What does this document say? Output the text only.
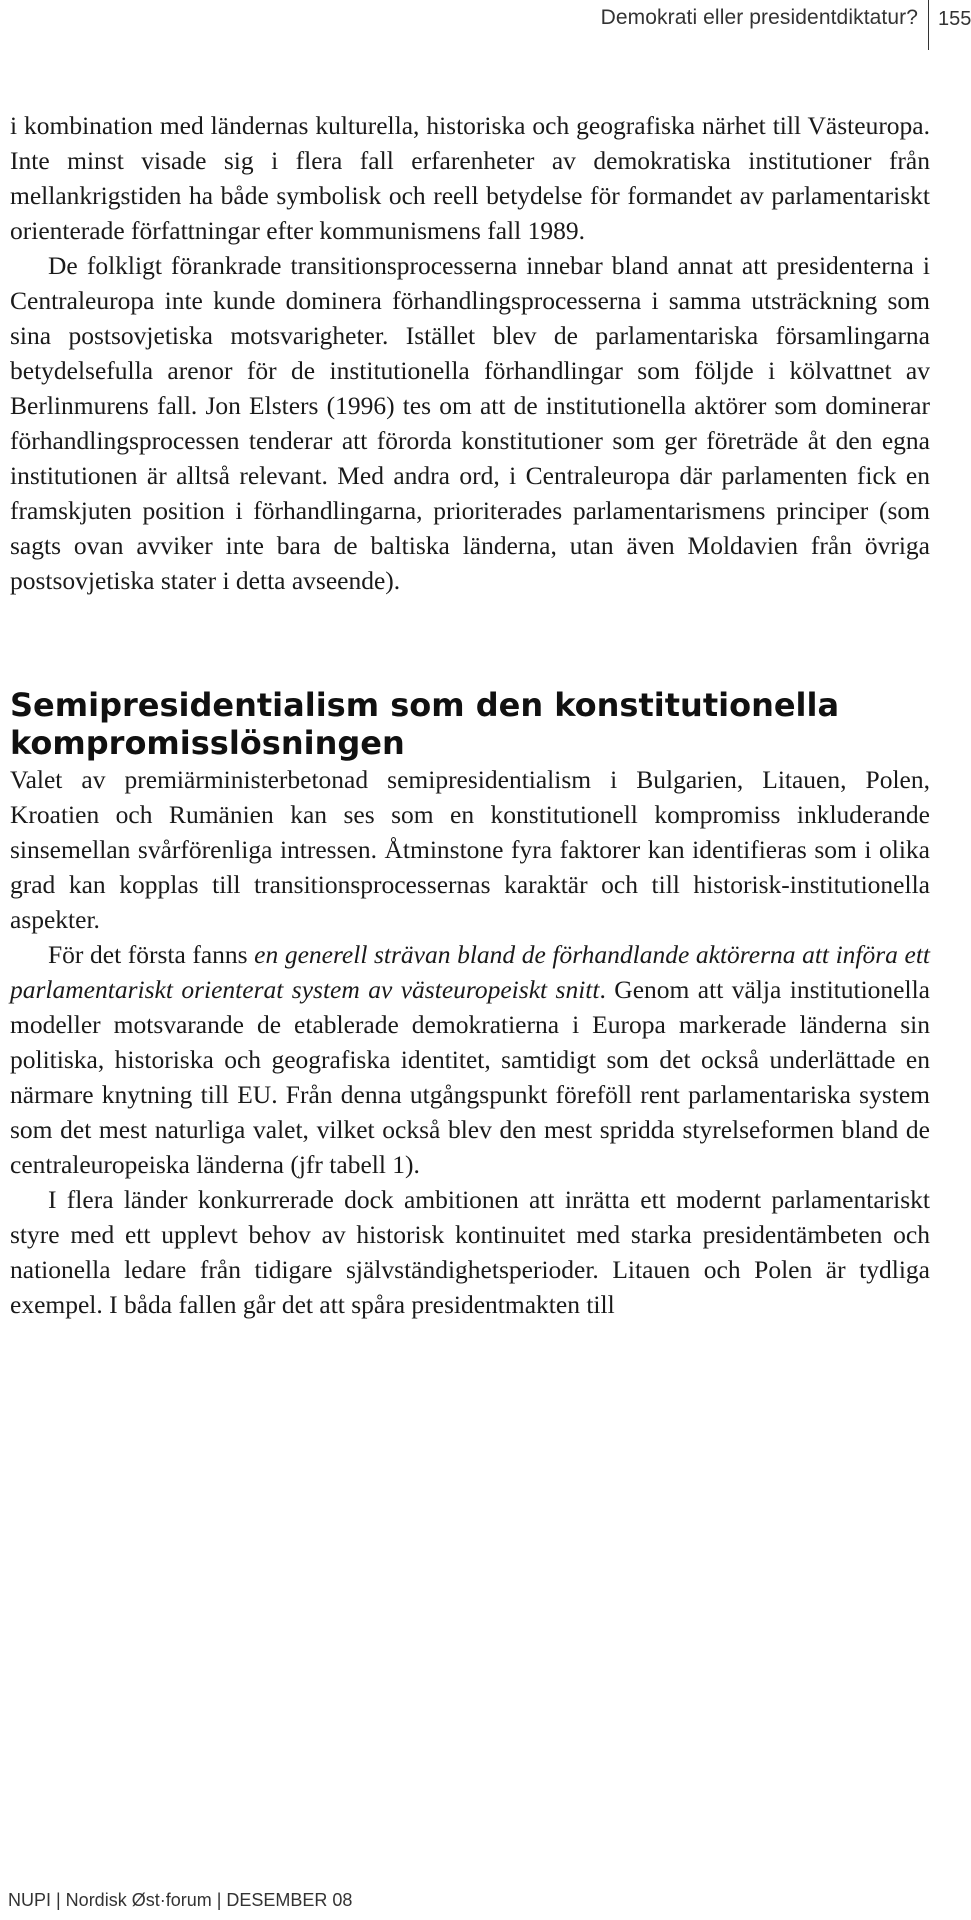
Demokrati eller presidentdiktatur? 155

i kombination med ländernas kulturella, historiska och geografiska närhet till Västeuropa. Inte minst visade sig i flera fall erfarenheter av demokratiska institutioner från mellankrigstiden ha både symbolisk och reell betydelse för formandet av parlamentariskt orienterade författningar efter kommunismens fall 1989.

De folkligt förankrade transitionsprocesserna innebar bland annat att presidenterna i Centraleuropa inte kunde dominera förhandlingsprocesserna i samma utsträckning som sina postsovjetiska motsvarigheter. Istället blev de parlamentariska församlingarna betydelsefulla arenor för de institutionella förhandlingar som följde i kölvattnet av Berlinmurens fall. Jon Elsters (1996) tes om att de institutionella aktörer som dominerar förhandlingsprocessen tenderar att förorda konstitutioner som ger företräde åt den egna institutionen är alltså relevant. Med andra ord, i Centraleuropa där parlamenten fick en framskjuten position i förhandlingarna, prioriterades parlamentarismens principer (som sagts ovan avviker inte bara de baltiska länderna, utan även Moldavien från övriga postsovjetiska stater i detta avseende).

Semipresidentialism som den konstitutionella kompromisslösningen

Valet av premiärministerbetonad semipresidentialism i Bulgarien, Litauen, Polen, Kroatien och Rumänien kan ses som en konstitutionell kompromiss inkluderande sinsemellan svårförenliga intressen. Åtminstone fyra faktorer kan identifieras som i olika grad kan kopplas till transitionsprocessernas karaktär och till historisk-institutionella aspekter.

För det första fanns en generell strävan bland de förhandlande aktörerna att införa ett parlamentariskt orienterat system av västeuropeiskt snitt. Genom att välja institutionella modeller motsvarande de etablerade demokratierna i Europa markerade länderna sin politiska, historiska och geografiska identitet, samtidigt som det också underlättade en närmare knytning till EU. Från denna utgångspunkt föreföll rent parlamentariska system som det mest naturliga valet, vilket också blev den mest spridda styrelseformen bland de centraleuropeiska länderna (jfr tabell 1).

I flera länder konkurrerade dock ambitionen att inrätta ett modernt parlamentariskt styre med ett upplevt behov av historisk kontinuitet med starka presidentämbeten och nationella ledare från tidigare självständighetsperioder. Litauen och Polen är tydliga exempel. I båda fallen går det att spåra presidentmakten till

NUPI | Nordisk Øst·forum | DESEMBER 08
